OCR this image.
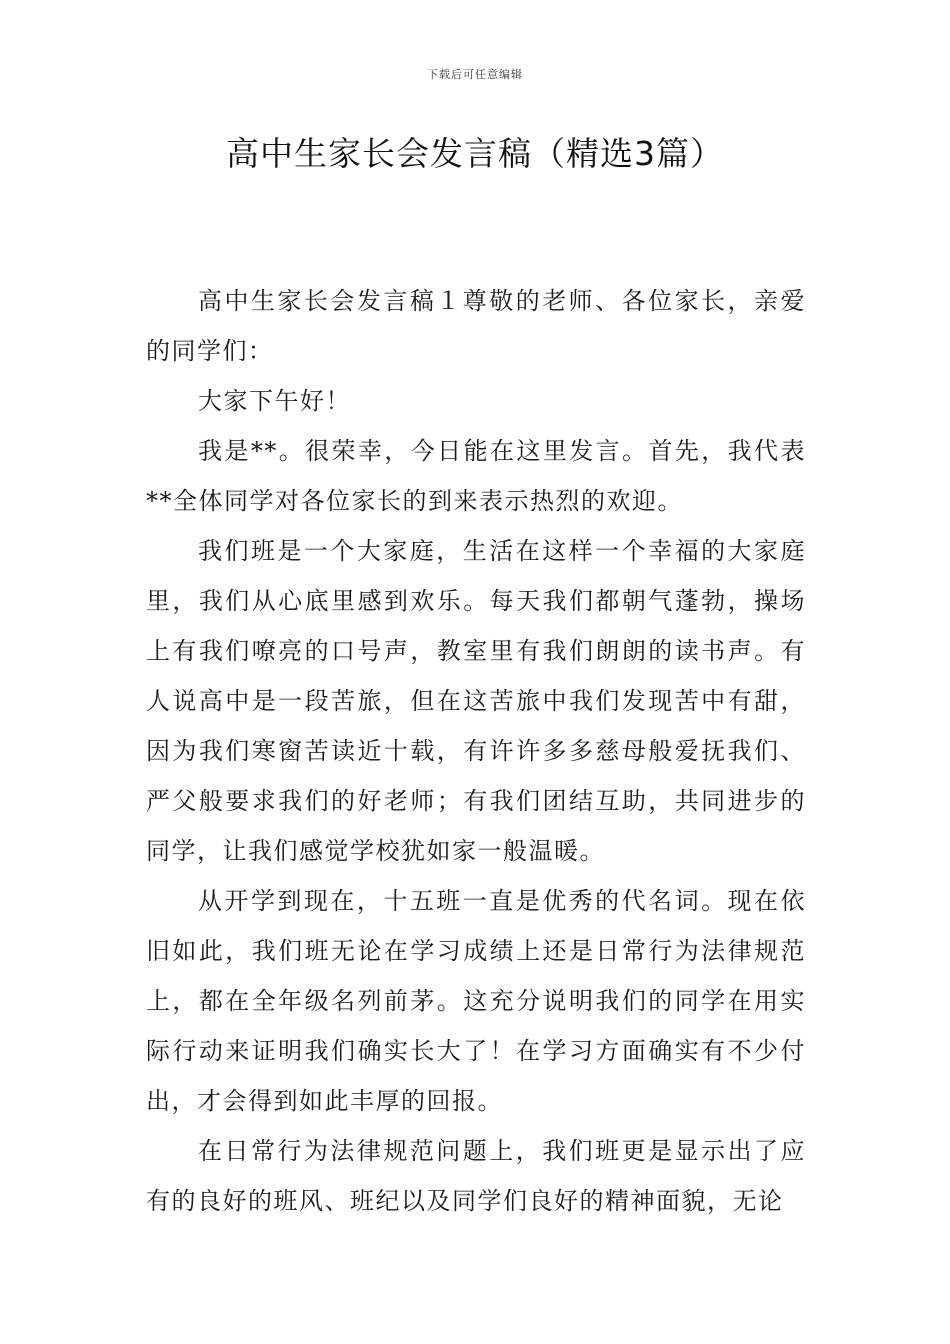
下载后可任意编辑
高中生家长会发言稿（精选3篇）

高中生家长会发言稿１尊敬的老师、各位家长，亲爱的同学们：

大家下午好！

我是**。很荣幸，今日能在这里发言。首先，我代表**全体同学对各位家长的到来表示热烈的欢迎。

我们班是一个大家庭，生活在这样一个幸福的大家庭里，我们从心底里感到欢乐。每天我们都朝气蓬勃，操场上有我们嘹亮的口号声，教室里有我们朗朗的读书声。有人说高中是一段苦旅，但在这苦旅中我们发现苦中有甜，因为我们寒窗苦读近十载，有许许多多慈母般爱抚我们、严父般要求我们的好老师；有我们团结互助，共同进步的同学，让我们感觉学校犹如家一般温暖。

从开学到现在，十五班一直是优秀的代名词。现在依旧如此，我们班无论在学习成绩上还是日常行为法律规范上，都在全年级名列前茅。这充分说明我们的同学在用实际行动来证明我们确实长大了！在学习方面确实有不少付出，才会得到如此丰厚的回报。

在日常行为法律规范问题上，我们班更是显示出了应有的良好的班风、班纪以及同学们良好的精神面貌，无论
